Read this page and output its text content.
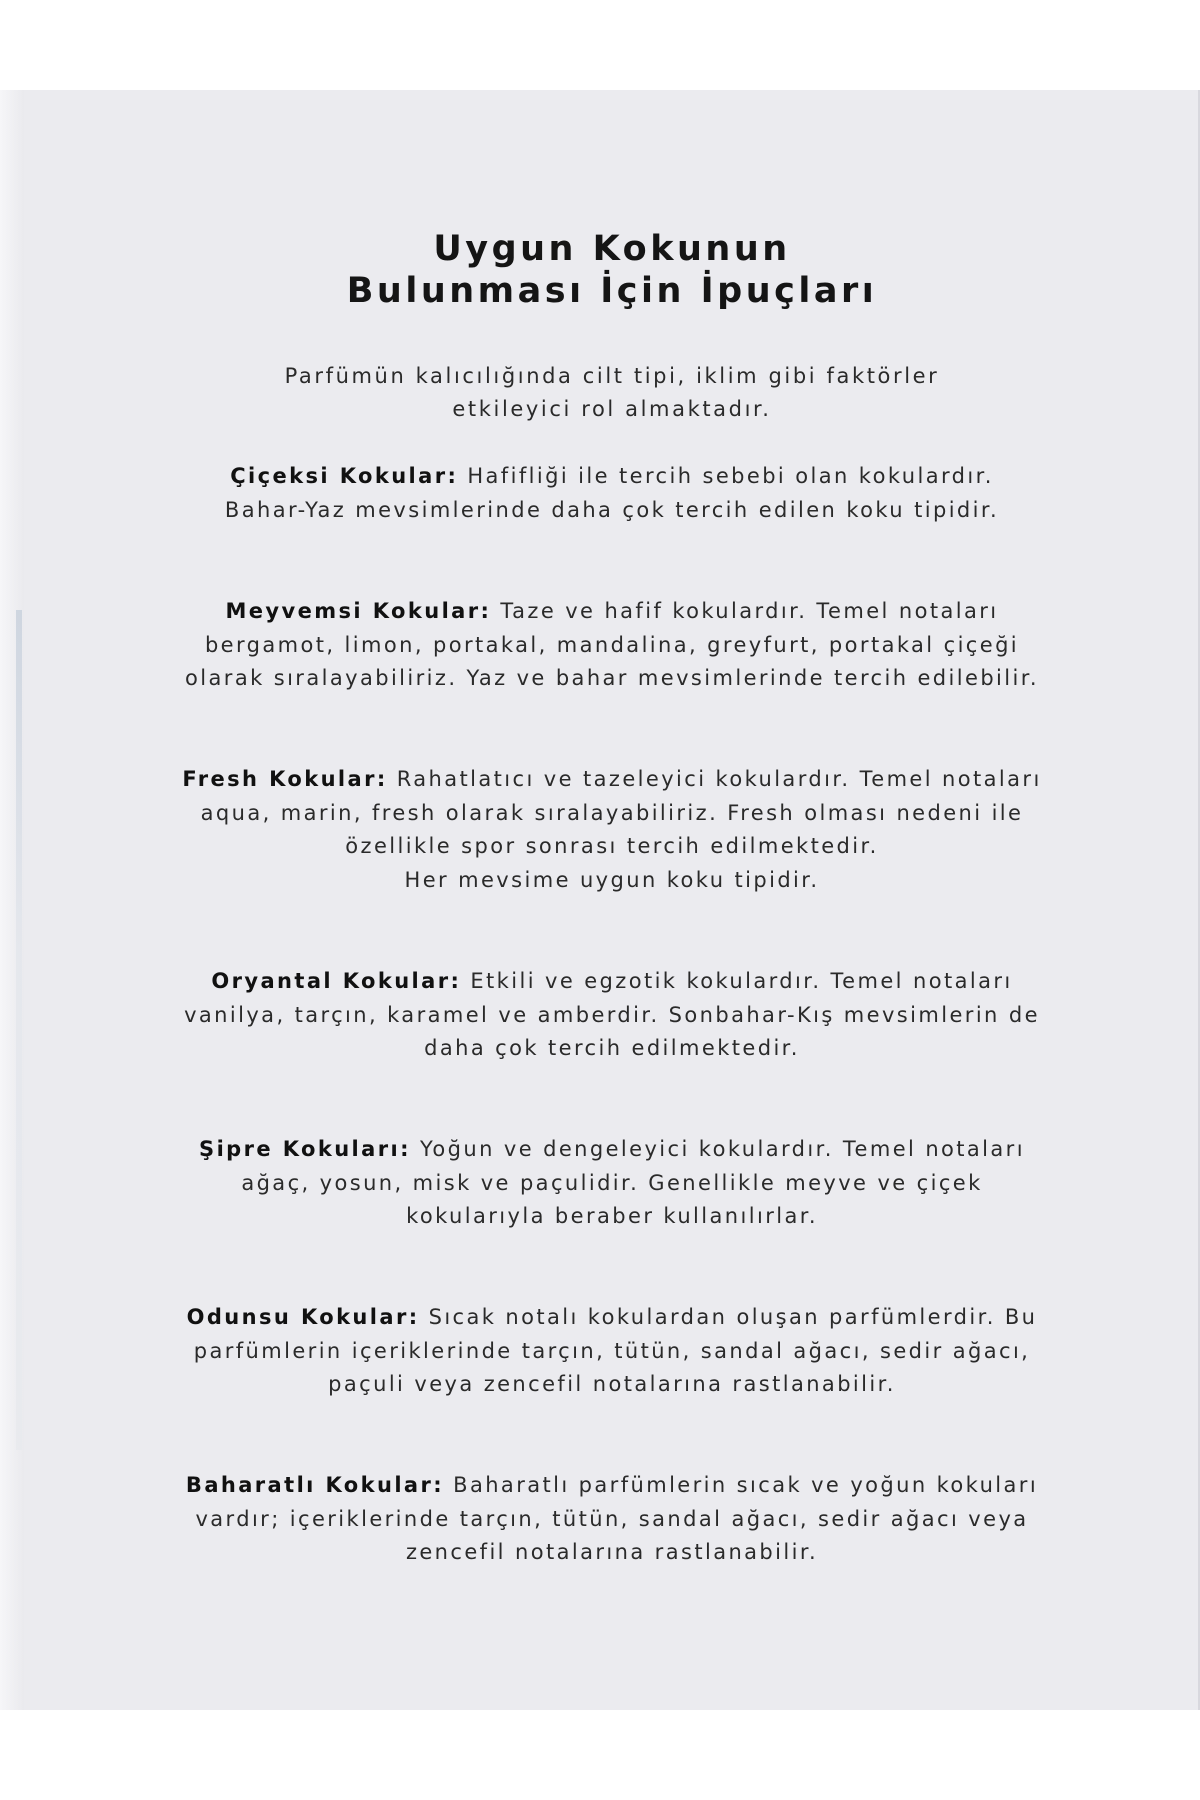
Uygun Kokunun
Bulunması İçin İpuçları
Parfümün kalıcılığında cilt tipi, iklim gibi faktörler
etkileyici rol almaktadır.
Çiçeksi Kokular: Hafifliği ile tercih sebebi olan kokulardır.
Bahar-Yaz mevsimlerinde daha çok tercih edilen koku tipidir.
Meyvemsi Kokular: Taze ve hafif kokulardır. Temel notaları
bergamot, limon, portakal, mandalina, greyfurt, portakal çiçeği
olarak sıralayabiliriz. Yaz ve bahar mevsimlerinde tercih edilebilir.
Fresh Kokular: Rahatlatıcı ve tazeleyici kokulardır. Temel notaları
aqua, marin, fresh olarak sıralayabiliriz. Fresh olması nedeni ile
özellikle spor sonrası tercih edilmektedir.
Her mevsime uygun koku tipidir.
Oryantal Kokular: Etkili ve egzotik kokulardır. Temel notaları
vanilya, tarçın, karamel ve amberdir. Sonbahar-Kış mevsimlerin de
daha çok tercih edilmektedir.
Şipre Kokuları: Yoğun ve dengeleyici kokulardır. Temel notaları
ağaç, yosun, misk ve paçulidir. Genellikle meyve ve çiçek
kokularıyla beraber kullanılırlar.
Odunsu Kokular: Sıcak notalı kokulardan oluşan parfümlerdir. Bu
parfümlerin içeriklerinde tarçın, tütün, sandal ağacı, sedir ağacı,
paçuli veya zencefil notalarına rastlanabilir.
Baharatlı Kokular: Baharatlı parfümlerin sıcak ve yoğun kokuları
vardır; içeriklerinde tarçın, tütün, sandal ağacı, sedir ağacı veya
zencefil notalarına rastlanabilir.
